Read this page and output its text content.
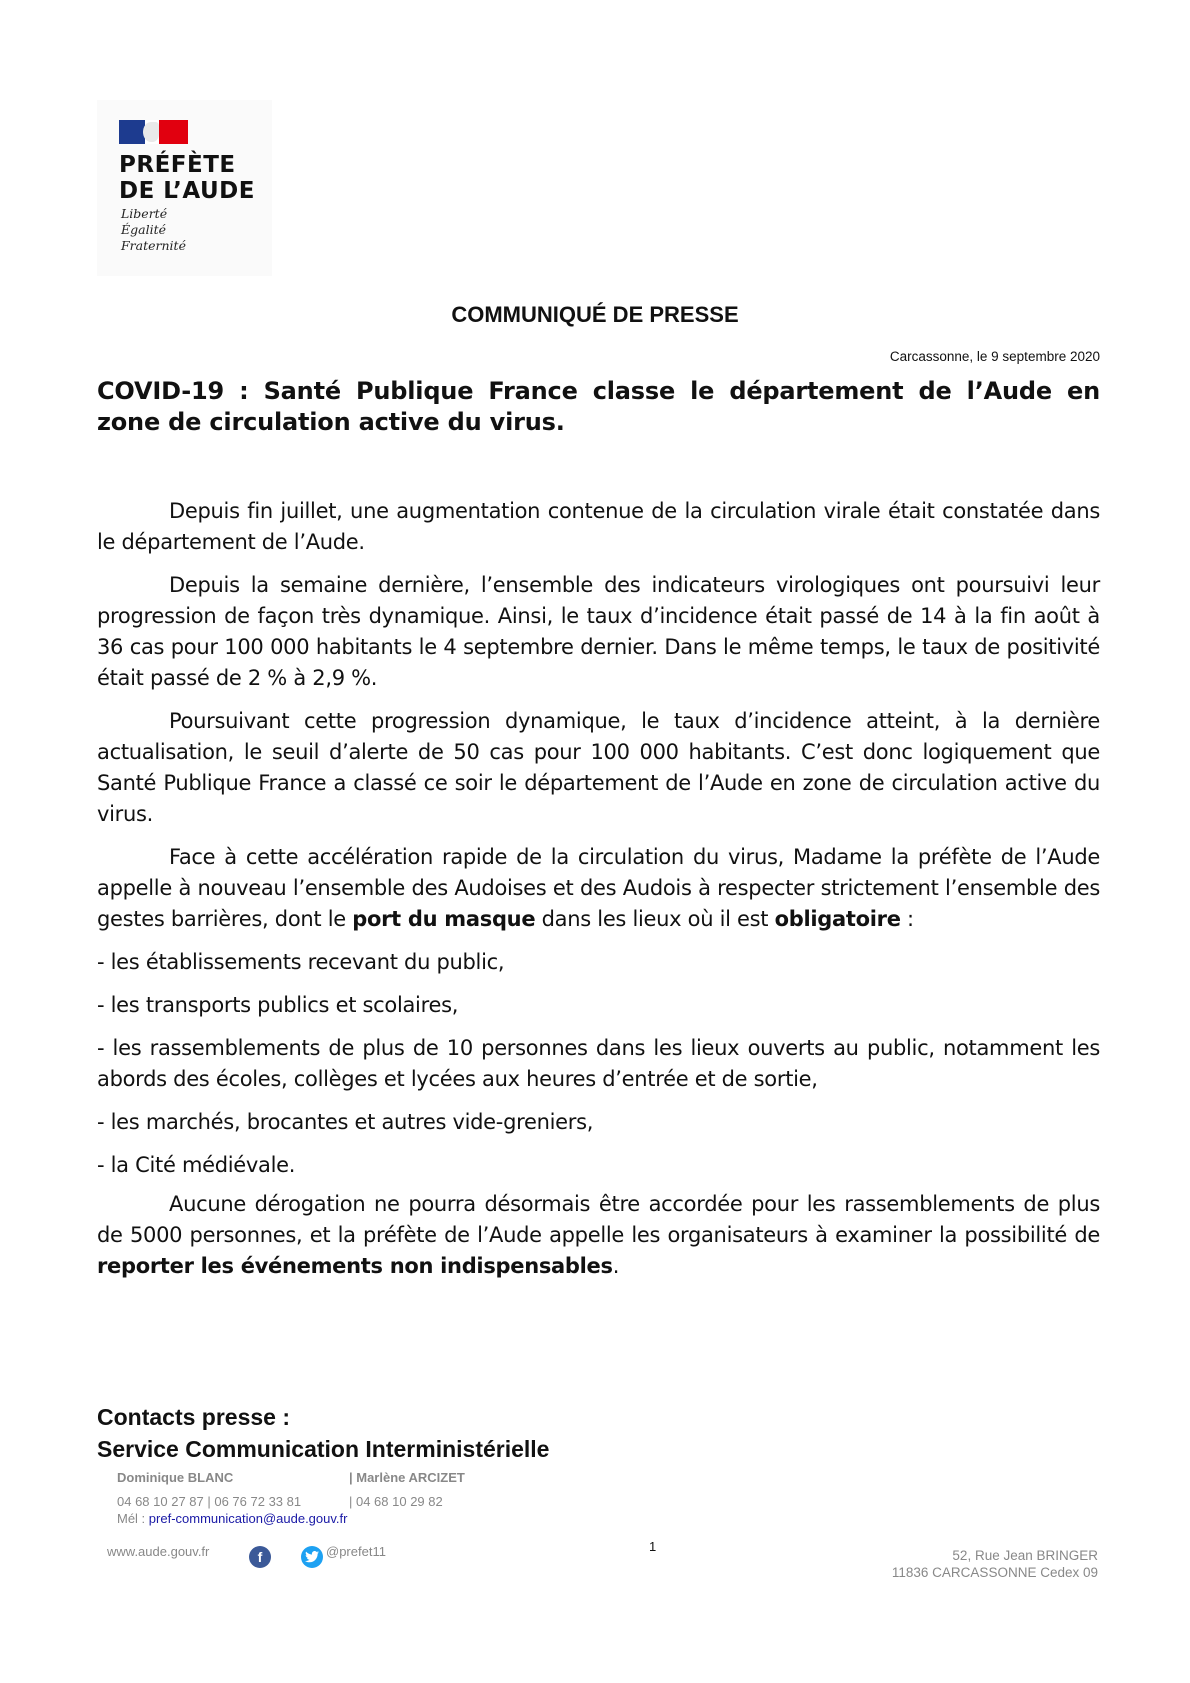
PRÉFÈTE
DE L’AUDE
Liberté
Égalité
Fraternité
COMMUNIQUÉ DE PRESSE
Carcassonne, le 9 septembre 2020
COVID-19 : Santé Publique France classe le département de l’Aude en zone de circulation active du virus.

Depuis fin juillet, une augmentation contenue de la circulation virale était constatée dans le département de l’Aude.

Depuis la semaine dernière, l’ensemble des indicateurs virologiques ont poursuivi leur progression de façon très dynamique. Ainsi, le taux d’incidence était passé de 14 à la fin août à 36 cas pour 100 000 habitants le 4 septembre dernier. Dans le même temps, le taux de positivité était passé de 2 % à 2,9 %.

Poursuivant cette progression dynamique, le taux d’incidence atteint, à la dernière actualisation, le seuil d’alerte de 50 cas pour 100 000 habitants. C’est donc logiquement que Santé Publique France a classé ce soir le département de l’Aude en zone de circulation active du virus.

Face à cette accélération rapide de la circulation du virus, Madame la préfète de l’Aude appelle à nouveau l’ensemble des Audoises et des Audois à respecter strictement l’ensemble des gestes barrières, dont le port du masque dans les lieux où il est obligatoire :

- les établissements recevant du public,

- les transports publics et scolaires,

- les rassemblements de plus de 10 personnes dans les lieux ouverts au public, notamment les abords des écoles, collèges et lycées aux heures d’entrée et de sortie,

- les marchés, brocantes et autres vide-greniers,

- la Cité médiévale.

Aucune dérogation ne pourra désormais être accordée pour les rassemblements de plus de 5000 personnes, et la préfète de l’Aude appelle les organisateurs à examiner la possibilité de reporter les événements non indispensables.

Contacts presse :
Service Communication Interministérielle
Dominique BLANC	| Marlène ARCIZET
04 68 10 27 87 | 06 76 72 33 81	| 04 68 10 29 82
Mél : pref-communication@aude.gouv.fr
www.aude.gouv.fr	f	@prefet11	1
52, Rue Jean BRINGER
11836 CARCASSONNE Cedex 09
